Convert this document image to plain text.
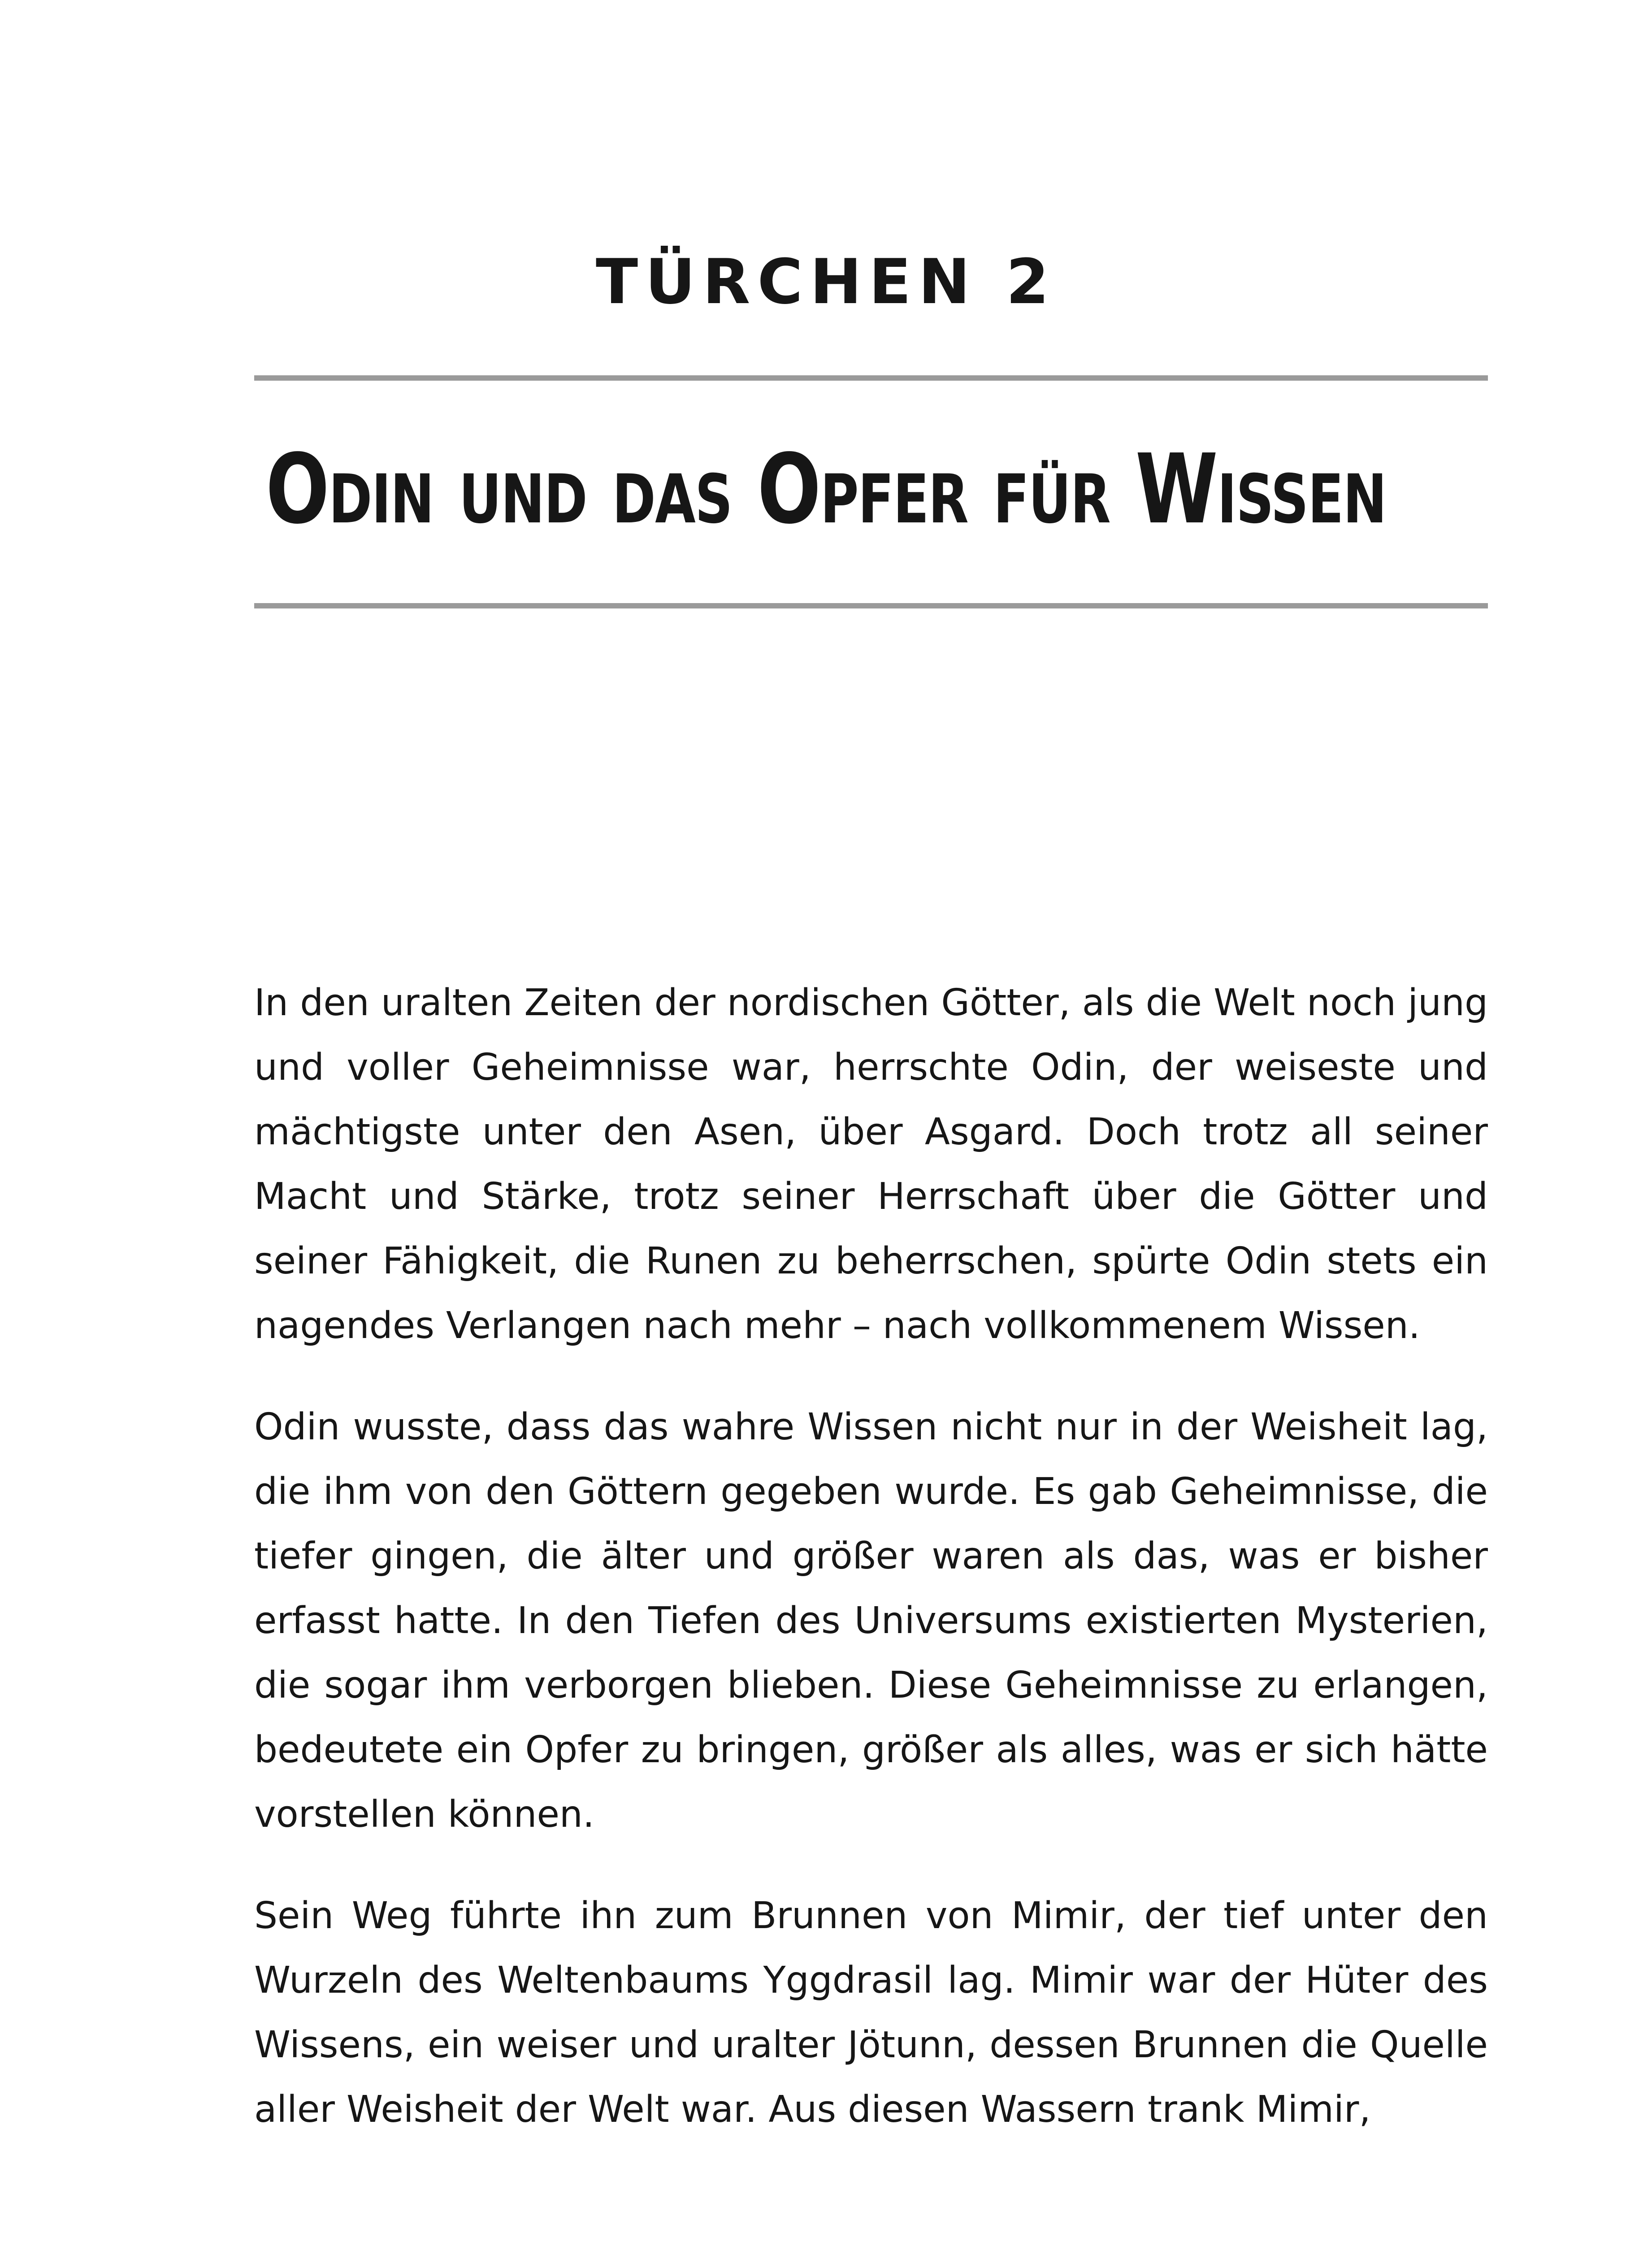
TÜRCHEN 2
Odin und das Opfer für Wissen

In den uralten Zeiten der nordischen Götter, als die Welt noch jung und voller Geheimnisse war, herrschte Odin, der weiseste und mächtigste unter den Asen, über Asgard. Doch trotz all seiner Macht und Stärke, trotz seiner Herrschaft über die Götter und seiner Fähigkeit, die Runen zu beherrschen, spürte Odin stets ein nagendes Verlangen nach mehr – nach vollkommenem Wissen.

Odin wusste, dass das wahre Wissen nicht nur in der Weisheit lag, die ihm von den Göttern gegeben wurde. Es gab Geheimnisse, die tiefer gingen, die älter und größer waren als das, was er bisher erfasst hatte. In den Tiefen des Universums existierten Mysterien, die sogar ihm verborgen blieben. Diese Geheimnisse zu erlangen, bedeutete ein Opfer zu bringen, größer als alles, was er sich hätte vorstellen können.

Sein Weg führte ihn zum Brunnen von Mimir, der tief unter den Wurzeln des Weltenbaums Yggdrasil lag. Mimir war der Hüter des Wissens, ein weiser und uralter Jötunn, dessen Brunnen die Quelle aller Weisheit der Welt war. Aus diesen Wassern trank Mimir,
